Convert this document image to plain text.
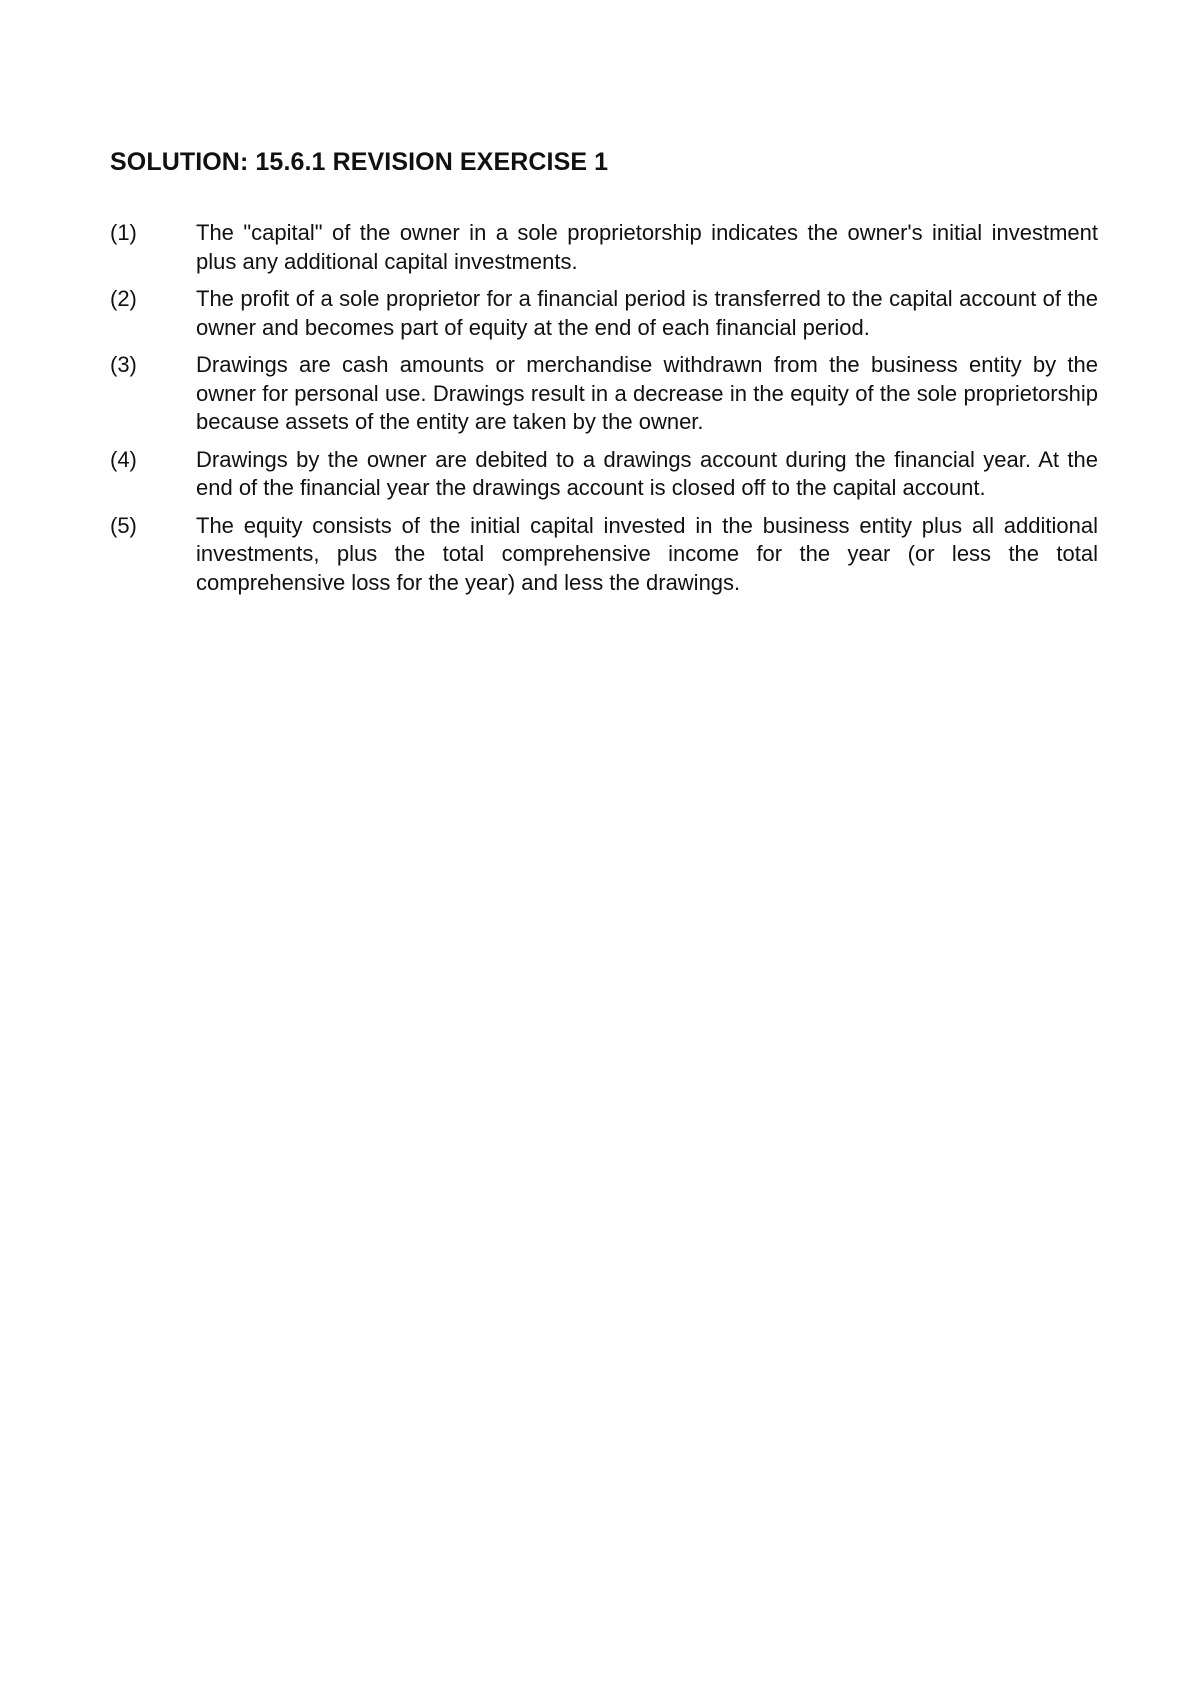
SOLUTION: 15.6.1 REVISION EXERCISE 1
(1)	The "capital" of the owner in a sole proprietorship indicates the owner's initial investment plus any additional capital investments.
(2)	The profit of a sole proprietor for a financial period is transferred to the capital account of the owner and becomes part of equity at the end of each financial period.
(3)	Drawings are cash amounts or merchandise withdrawn from the business entity by the owner for personal use. Drawings result in a decrease in the equity of the sole proprietorship because assets of the entity are taken by the owner.
(4)	Drawings by the owner are debited to a drawings account during the financial year. At the end of the financial year the drawings account is closed off to the capital account.
(5)	The equity consists of the initial capital invested in the business entity plus all additional investments, plus the total comprehensive income for the year (or less the total comprehensive loss for the year) and less the drawings.
